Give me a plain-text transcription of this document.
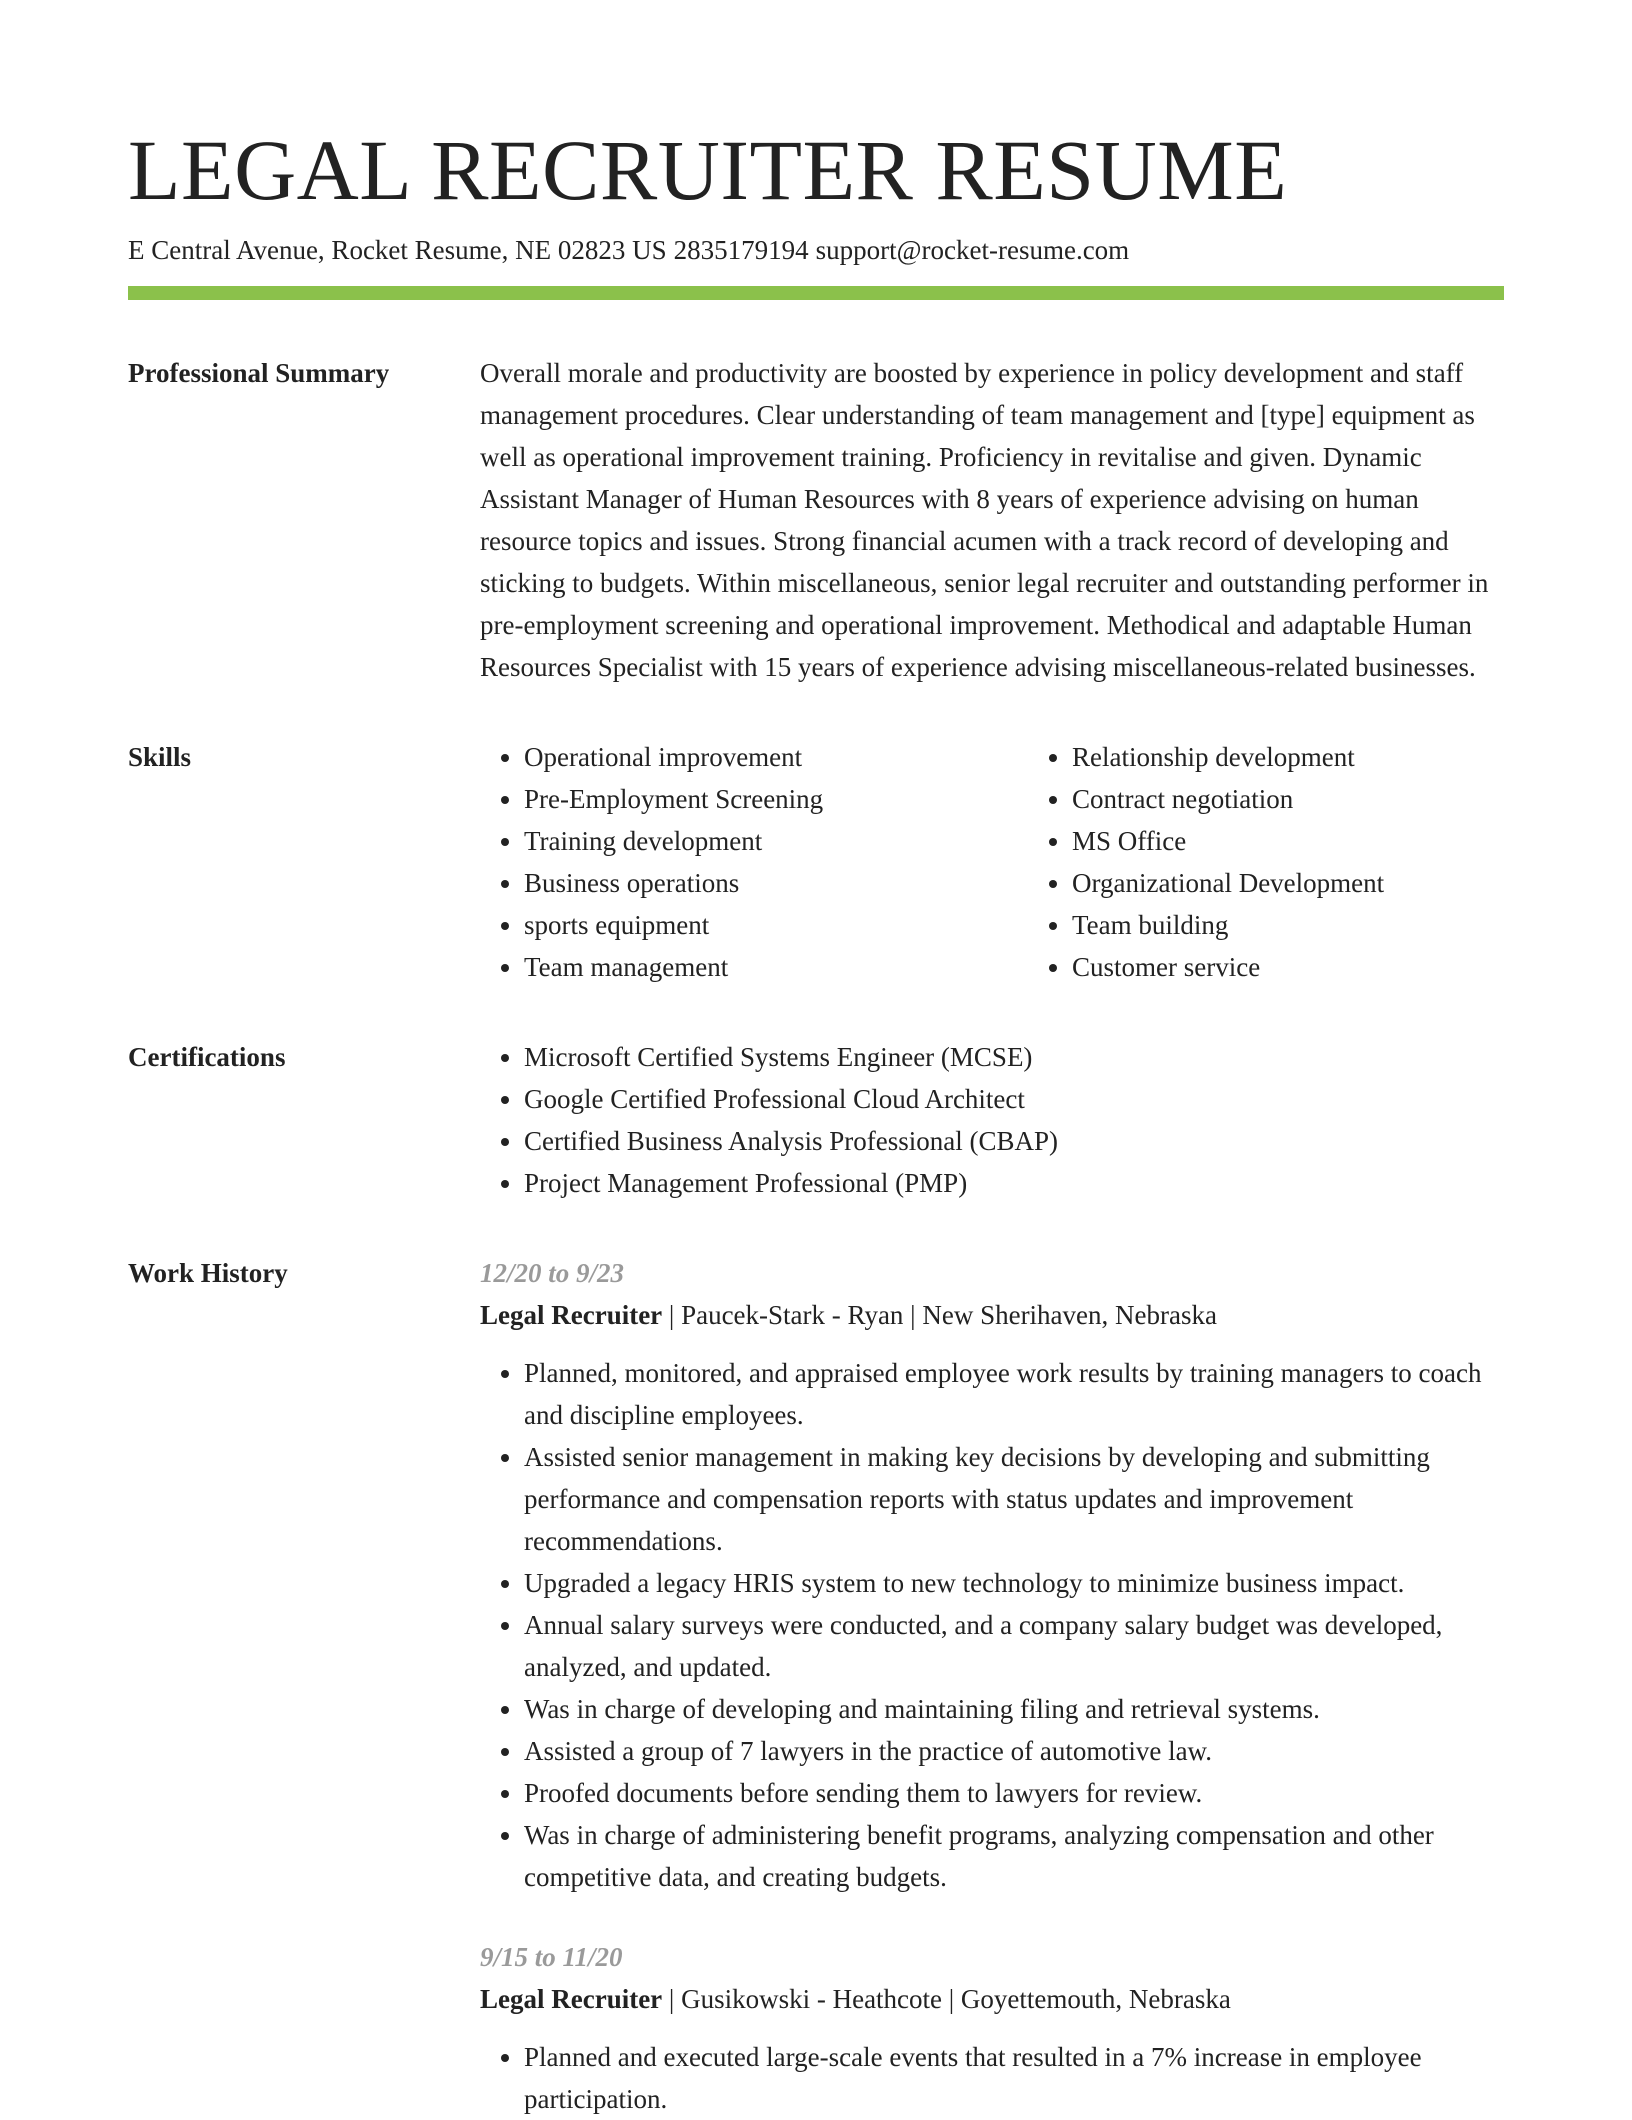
LEGAL RECRUITER RESUME
E Central Avenue, Rocket Resume, NE 02823 US 2835179194 support@rocket-resume.com
Professional Summary	Overall morale and productivity are boosted by experience in policy development and staff management procedures. Clear understanding of team management and [type] equipment as well as operational improvement training. Proficiency in revitalise and given. Dynamic Assistant Manager of Human Resources with 8 years of experience advising on human resource topics and issues. Strong financial acumen with a track record of developing and sticking to budgets. Within miscellaneous, senior legal recruiter and outstanding performer in pre-employment screening and operational improvement. Methodical and adaptable Human Resources Specialist with 15 years of experience advising miscellaneous-related businesses.

Skills	• Operational improvement
• Pre-Employment Screening
• Training development
• Business operations
• sports equipment
• Team management
• Relationship development
• Contract negotiation
• MS Office
• Organizational Development
• Team building
• Customer service
Certifications	• Microsoft Certified Systems Engineer (MCSE)
• Google Certified Professional Cloud Architect
• Certified Business Analysis Professional (CBAP)
• Project Management Professional (PMP)
Work History	12/20 to 9/23
Legal Recruiter | Paucek-Stark - Ryan | New Sherihaven, Nebraska
• Planned, monitored, and appraised employee work results by training managers to coach and discipline employees.
• Assisted senior management in making key decisions by developing and submitting performance and compensation reports with status updates and improvement recommendations.
• Upgraded a legacy HRIS system to new technology to minimize business impact.
• Annual salary surveys were conducted, and a company salary budget was developed, analyzed, and updated.
• Was in charge of developing and maintaining filing and retrieval systems.
• Assisted a group of 7 lawyers in the practice of automotive law.
• Proofed documents before sending them to lawyers for review.
• Was in charge of administering benefit programs, analyzing compensation and other competitive data, and creating budgets.
9/15 to 11/20
Legal Recruiter | Gusikowski - Heathcote | Goyettemouth, Nebraska
• Planned and executed large-scale events that resulted in a 7% increase in employee participation.
